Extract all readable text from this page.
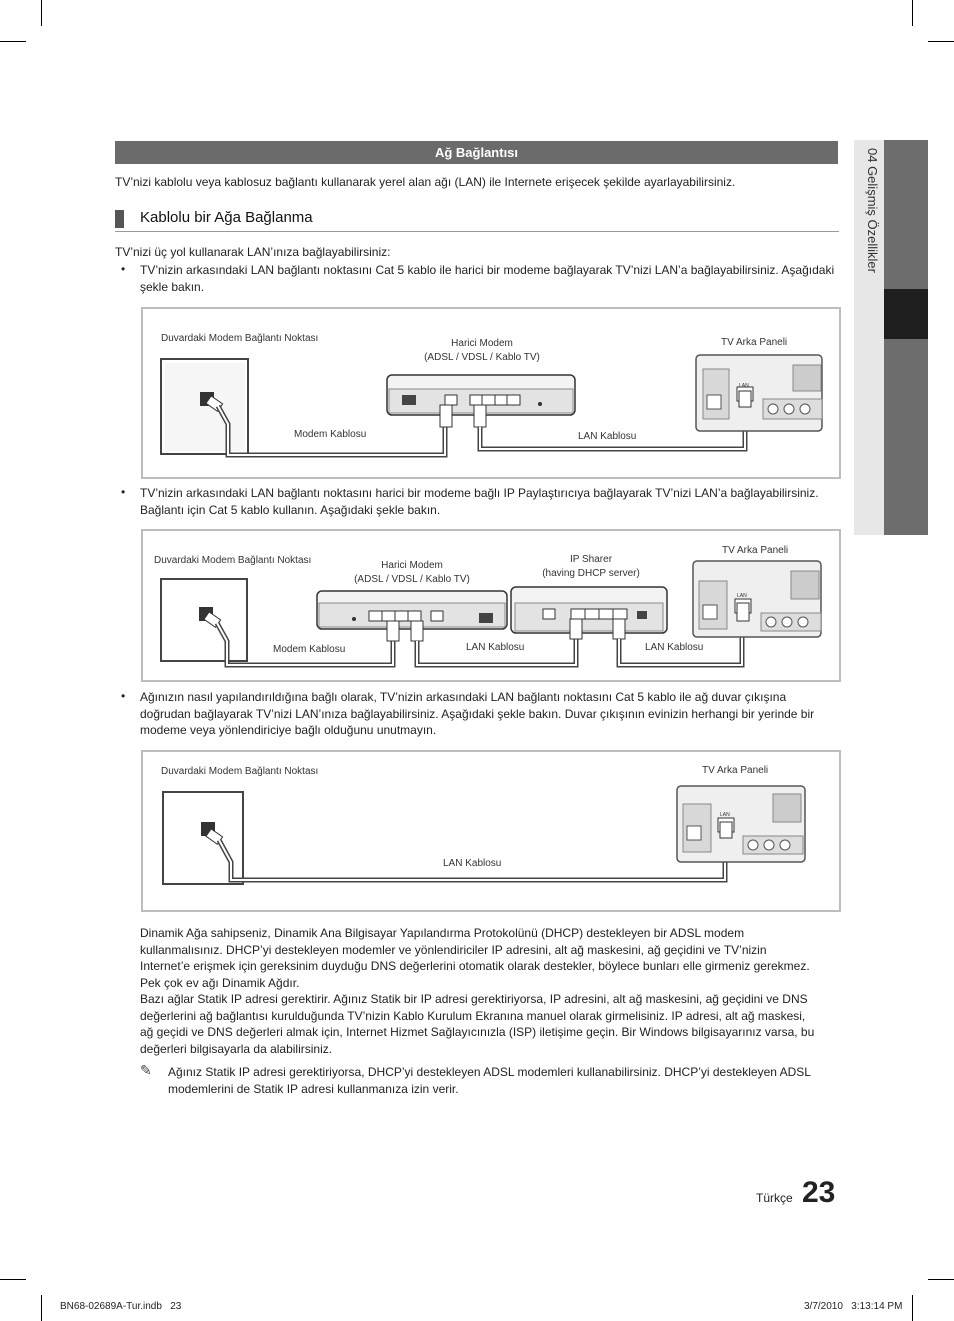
04 Gelişmiş Özellikler
Ağ Bağlantısı
TV’nizi kablolu veya kablosuz bağlantı kullanarak yerel alan ağı (LAN) ile Internete erişecek şekilde ayarlayabilirsiniz.
Kablolu bir Ağa Bağlanma
TV’nizi üç yol kullanarak LAN’ınıza bağlayabilirsiniz:
• TV’nizin arkasındaki LAN bağlantı noktasını Cat 5 kablo ile harici bir modeme bağlayarak TV’nizi LAN’a bağlayabilirsiniz. Aşağıdaki şekle bakın.
Duvardaki Modem Bağlantı Noktası	Harici Modem
(ADSL / VDSL / Kablo TV)
TV Arka Paneli
Modem Kablosu	LAN Kablosu
LAN
• TV’nizin arkasındaki LAN bağlantı noktasını harici bir modeme bağlı IP Paylaştırıcıya bağlayarak TV’nizi LAN’a bağlayabilirsiniz. Bağlantı için Cat 5 kablo kullanın. Aşağıdaki şekle bakın.
Duvardaki Modem Bağlantı Noktası	Harici Modem
(ADSL / VDSL / Kablo TV)
IP Sharer
(having DHCP server)
TV Arka Paneli
Modem Kablosu	LAN Kablosu	LAN Kablosu
LAN
• Ağınızın nasıl yapılandırıldığına bağlı olarak, TV’nizin arkasındaki LAN bağlantı noktasını Cat 5 kablo ile ağ duvar çıkışına doğrudan bağlayarak TV’nizi LAN’ınıza bağlayabilirsiniz. Aşağıdaki şekle bakın. Duvar çıkışının evinizin herhangi bir yerinde bir modeme veya yönlendiriciye bağlı olduğunu unutmayın.
Duvardaki Modem Bağlantı Noktası	TV Arka Paneli
LAN Kablosu
LAN
Dinamik Ağa sahipseniz, Dinamik Ana Bilgisayar Yapılandırma Protokolünü (DHCP) destekleyen bir ADSL modem kullanmalısınız. DHCP’yi destekleyen modemler ve yönlendiriciler IP adresini, alt ağ maskesini, ağ geçidini ve TV’nizin Internet’e erişmek için gereksinim duyduğu DNS değerlerini otomatik olarak destekler, böylece bunları elle girmeniz gerekmez. Pek çok ev ağı Dinamik Ağdır.
Bazı ağlar Statik IP adresi gerektirir. Ağınız Statik bir IP adresi gerektiriyorsa, IP adresini, alt ağ maskesini, ağ geçidini ve DNS değerlerini ağ bağlantısı kurulduğunda TV’nizin Kablo Kurulum Ekranına manuel olarak girmelisiniz. IP adresi, alt ağ maskesi, ağ geçidi ve DNS değerleri almak için, Internet Hizmet Sağlayıcınızla (ISP) iletişime geçin. Bir Windows bilgisayarınız varsa, bu değerleri bilgisayarla da alabilirsiniz.
✎ Ağınız Statik IP adresi gerektiriyorsa, DHCP’yi destekleyen ADSL modemleri kullanabilirsiniz. DHCP’yi destekleyen ADSL modemlerini de Statik IP adresi kullanmanıza izin verir.
Türkçe 23
BN68-02689A-Tur.indb   23	3/7/2010   3:13:14 PM
